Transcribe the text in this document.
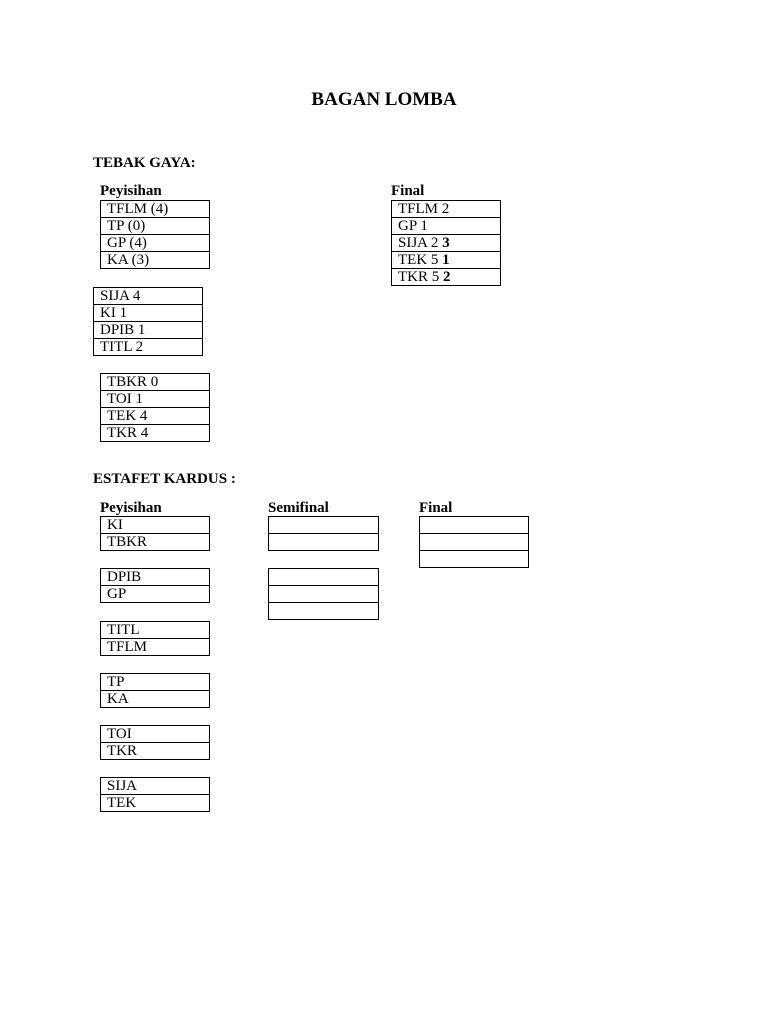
BAGAN LOMBA
TEBAK GAYA:
Peyisihan	Final
TFLM (4)
TP (0)
GP (4)
KA (3)
SIJA 4
KI 1
DPIB 1
TITL 2
TBKR 0
TOI 1
TEK 4
TKR 4
TFLM 2
GP 1
SIJA 2 3
TEK 5 1
TKR 5 2
ESTAFET KARDUS :
Peyisihan	Semifinal	Final
KI
TBKR
DPIB
GP
TITL
TFLM
TP
KA
TOI
TKR
SIJA
TEK
